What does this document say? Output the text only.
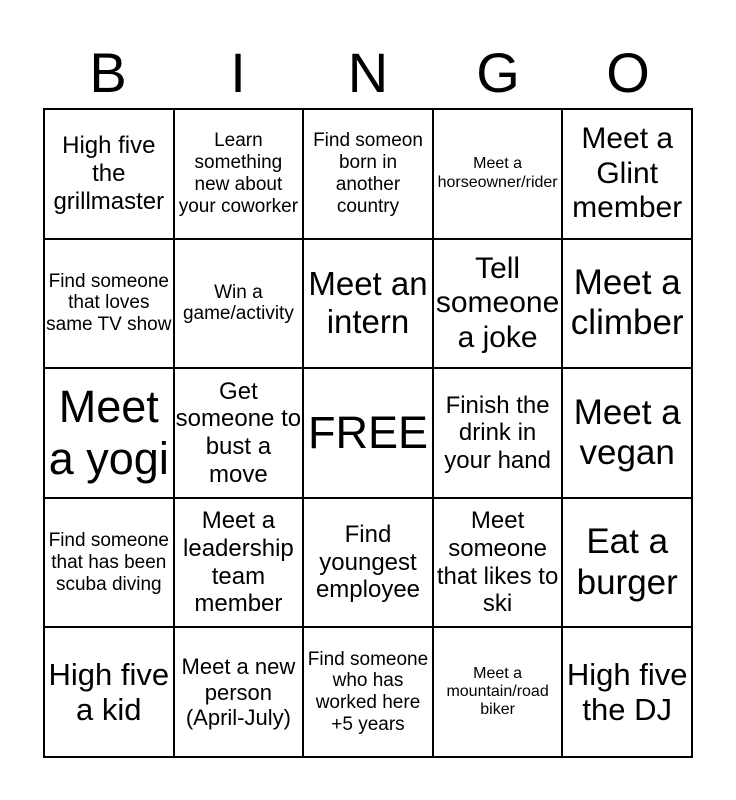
B	I	N	G	O
High five the grillmaster
Learn something new about your coworker
Find someon born in another country
Meet a horseowner/rider
Meet a Glint member
Find someone that loves same TV show
Win a game/activity
Meet an intern
Tell someone a joke
Meet a climber
Meet a yogi
Get someone to bust a move
FREE
Finish the drink in your hand
Meet a vegan
Find someone that has been scuba diving
Meet a leadership team member
Find youngest employee
Meet someone that likes to ski
Eat a burger
High five a kid
Meet a new person (April-July)
Find someone who has worked here +5 years
Meet a mountain/road biker
High five the DJ
